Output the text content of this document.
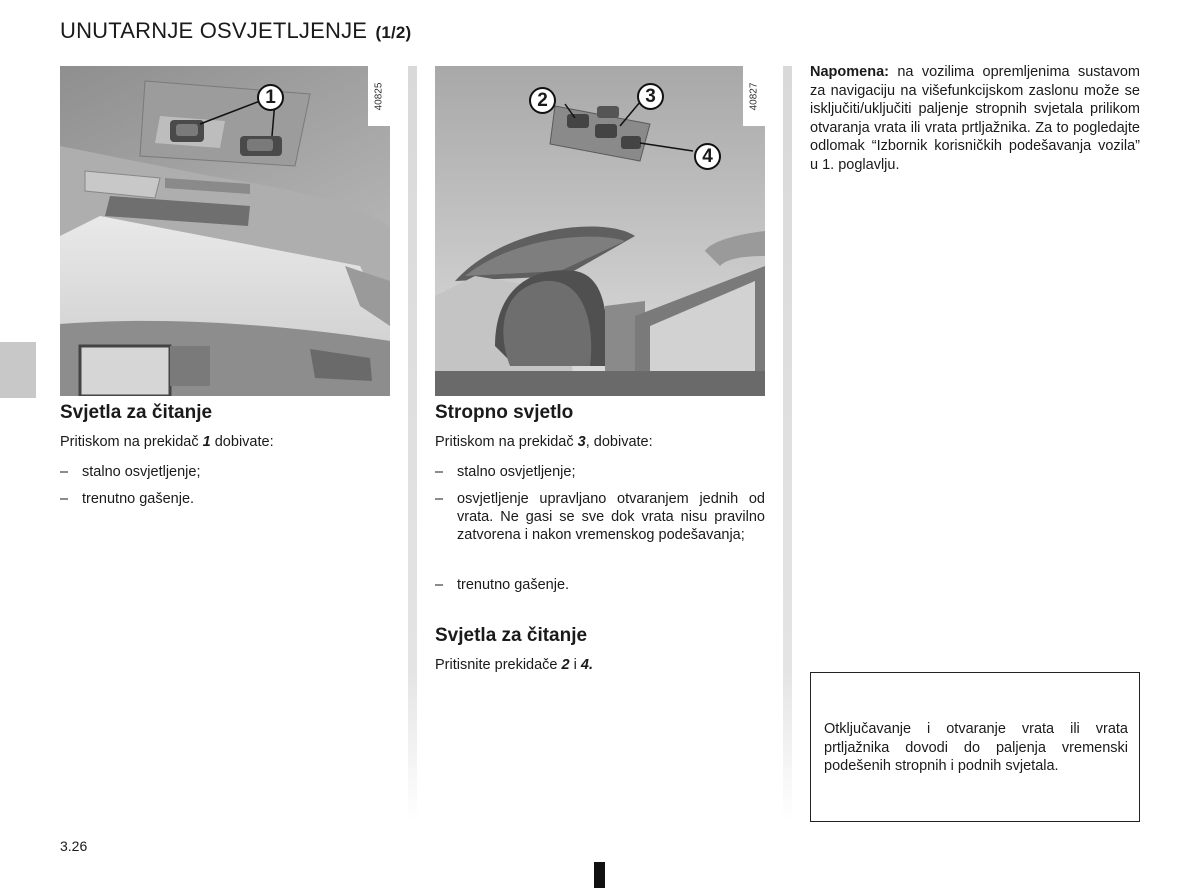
UNUTARNJE OSVJETLJENJE (1/2)
1	40825	2	3
4
40827
Svjetla za čitanje

Pritiskom na prekidač 1 dobivate:

– stalno osvjetljenje;
– trenutno gašenje.
Stropno svjetlo

Pritiskom na prekidač 3, dobivate:

– stalno osvjetljenje;
– osvjetljenje upravljano otvaranjem jednih od vrata. Ne gasi se sve dok vrata nisu pravilno zatvorena i nakon vremenskog podešavanja;
– trenutno gašenje.
Svjetla za čitanje

Pritisnite prekidače 2 i 4.

Napomena: na vozilima opremljenima sustavom za navigaciju na višefunkcijskom zaslonu može se isključiti/uključiti paljenje stropnih svjetala prilikom otvaranja vrata ili vrata prtljažnika. Za to pogledajte odlomak “Izbornik korisničkih podešavanja vozila” u 1. poglavlju.

Otključavanje i otvaranje vrata ili vrata prtljažnika dovodi do paljenja vremenski podešenih stropnih i podnih svjetala.

3.26
